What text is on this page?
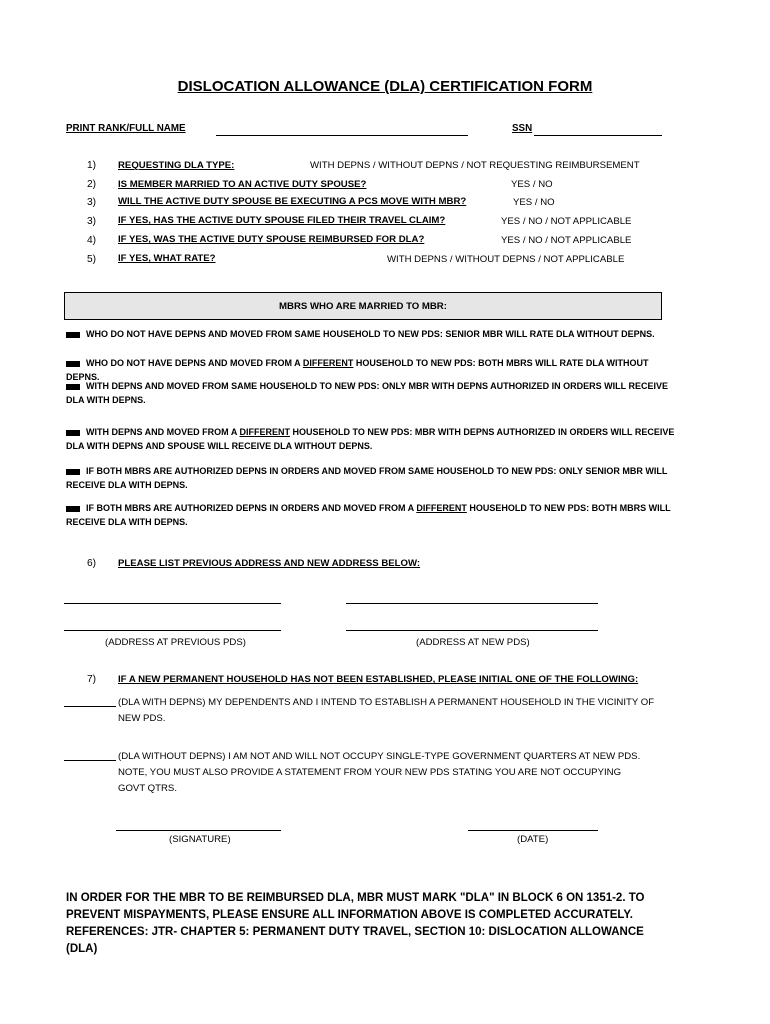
DISLOCATION ALLOWANCE (DLA) CERTIFICATION FORM
PRINT RANK/FULL NAME	SSN
1) REQUESTING DLA TYPE:	WITH DEPNS / WITHOUT DEPNS / NOT REQUESTING REIMBURSEMENT
2) IS MEMBER MARRIED TO AN ACTIVE DUTY SPOUSE?	YES / NO
3) WILL THE ACTIVE DUTY SPOUSE BE EXECUTING A PCS MOVE WITH MBR?	YES / NO
3) IF YES, HAS THE ACTIVE DUTY SPOUSE FILED THEIR TRAVEL CLAIM?	YES / NO / NOT APPLICABLE
4) IF YES, WAS THE ACTIVE DUTY SPOUSE REIMBURSED FOR DLA?	YES / NO / NOT APPLICABLE
5) IF YES, WHAT RATE?	WITH DEPNS / WITHOUT DEPNS / NOT APPLICABLE
MBRS WHO ARE MARRIED TO MBR:
WHO DO NOT HAVE DEPNS AND MOVED FROM SAME HOUSEHOLD TO NEW PDS: SENIOR MBR WILL RATE DLA WITHOUT DEPNS.
WHO DO NOT HAVE DEPNS AND MOVED FROM A DIFFERENT HOUSEHOLD TO NEW PDS: BOTH MBRS WILL RATE DLA WITHOUT DEPNS.
WITH DEPNS AND MOVED FROM SAME HOUSEHOLD TO NEW PDS: ONLY MBR WITH DEPNS AUTHORIZED IN ORDERS WILL RECEIVE DLA WITH DEPNS.
WITH DEPNS AND MOVED FROM A DIFFERENT HOUSEHOLD TO NEW PDS: MBR WITH DEPNS AUTHORIZED IN ORDERS WILL RECEIVE DLA WITH DEPNS AND SPOUSE WILL RECEIVE DLA WITHOUT DEPNS.
IF BOTH MBRS ARE AUTHORIZED DEPNS IN ORDERS AND MOVED FROM SAME HOUSEHOLD TO NEW PDS: ONLY SENIOR MBR WILL RECEIVE DLA WITH DEPNS.
IF BOTH MBRS ARE AUTHORIZED DEPNS IN ORDERS AND MOVED FROM A DIFFERENT HOUSEHOLD TO NEW PDS: BOTH MBRS WILL RECEIVE DLA WITH DEPNS.
6) PLEASE LIST PREVIOUS ADDRESS AND NEW ADDRESS BELOW:
(ADDRESS AT PREVIOUS PDS)	(ADDRESS AT NEW PDS)
7) IF A NEW PERMANENT HOUSEHOLD HAS NOT BEEN ESTABLISHED, PLEASE INITIAL ONE OF THE FOLLOWING:
(DLA WITH DEPNS) MY DEPENDENTS AND I INTEND TO ESTABLISH A PERMANENT HOUSEHOLD IN THE VICINITY OF NEW PDS.
(DLA WITHOUT DEPNS) I AM NOT AND WILL NOT OCCUPY SINGLE-TYPE GOVERNMENT QUARTERS AT NEW PDS. NOTE, YOU MUST ALSO PROVIDE A STATEMENT FROM YOUR NEW PDS STATING YOU ARE NOT OCCUPYING GOVT QTRS.
(SIGNATURE)	(DATE)
IN ORDER FOR THE MBR TO BE REIMBURSED DLA, MBR MUST MARK "DLA" IN BLOCK 6 ON 1351-2. TO PREVENT MISPAYMENTS, PLEASE ENSURE ALL INFORMATION ABOVE IS COMPLETED ACCURATELY. REFERENCES: JTR- CHAPTER 5: PERMANENT DUTY TRAVEL, SECTION 10: DISLOCATION ALLOWANCE (DLA)
